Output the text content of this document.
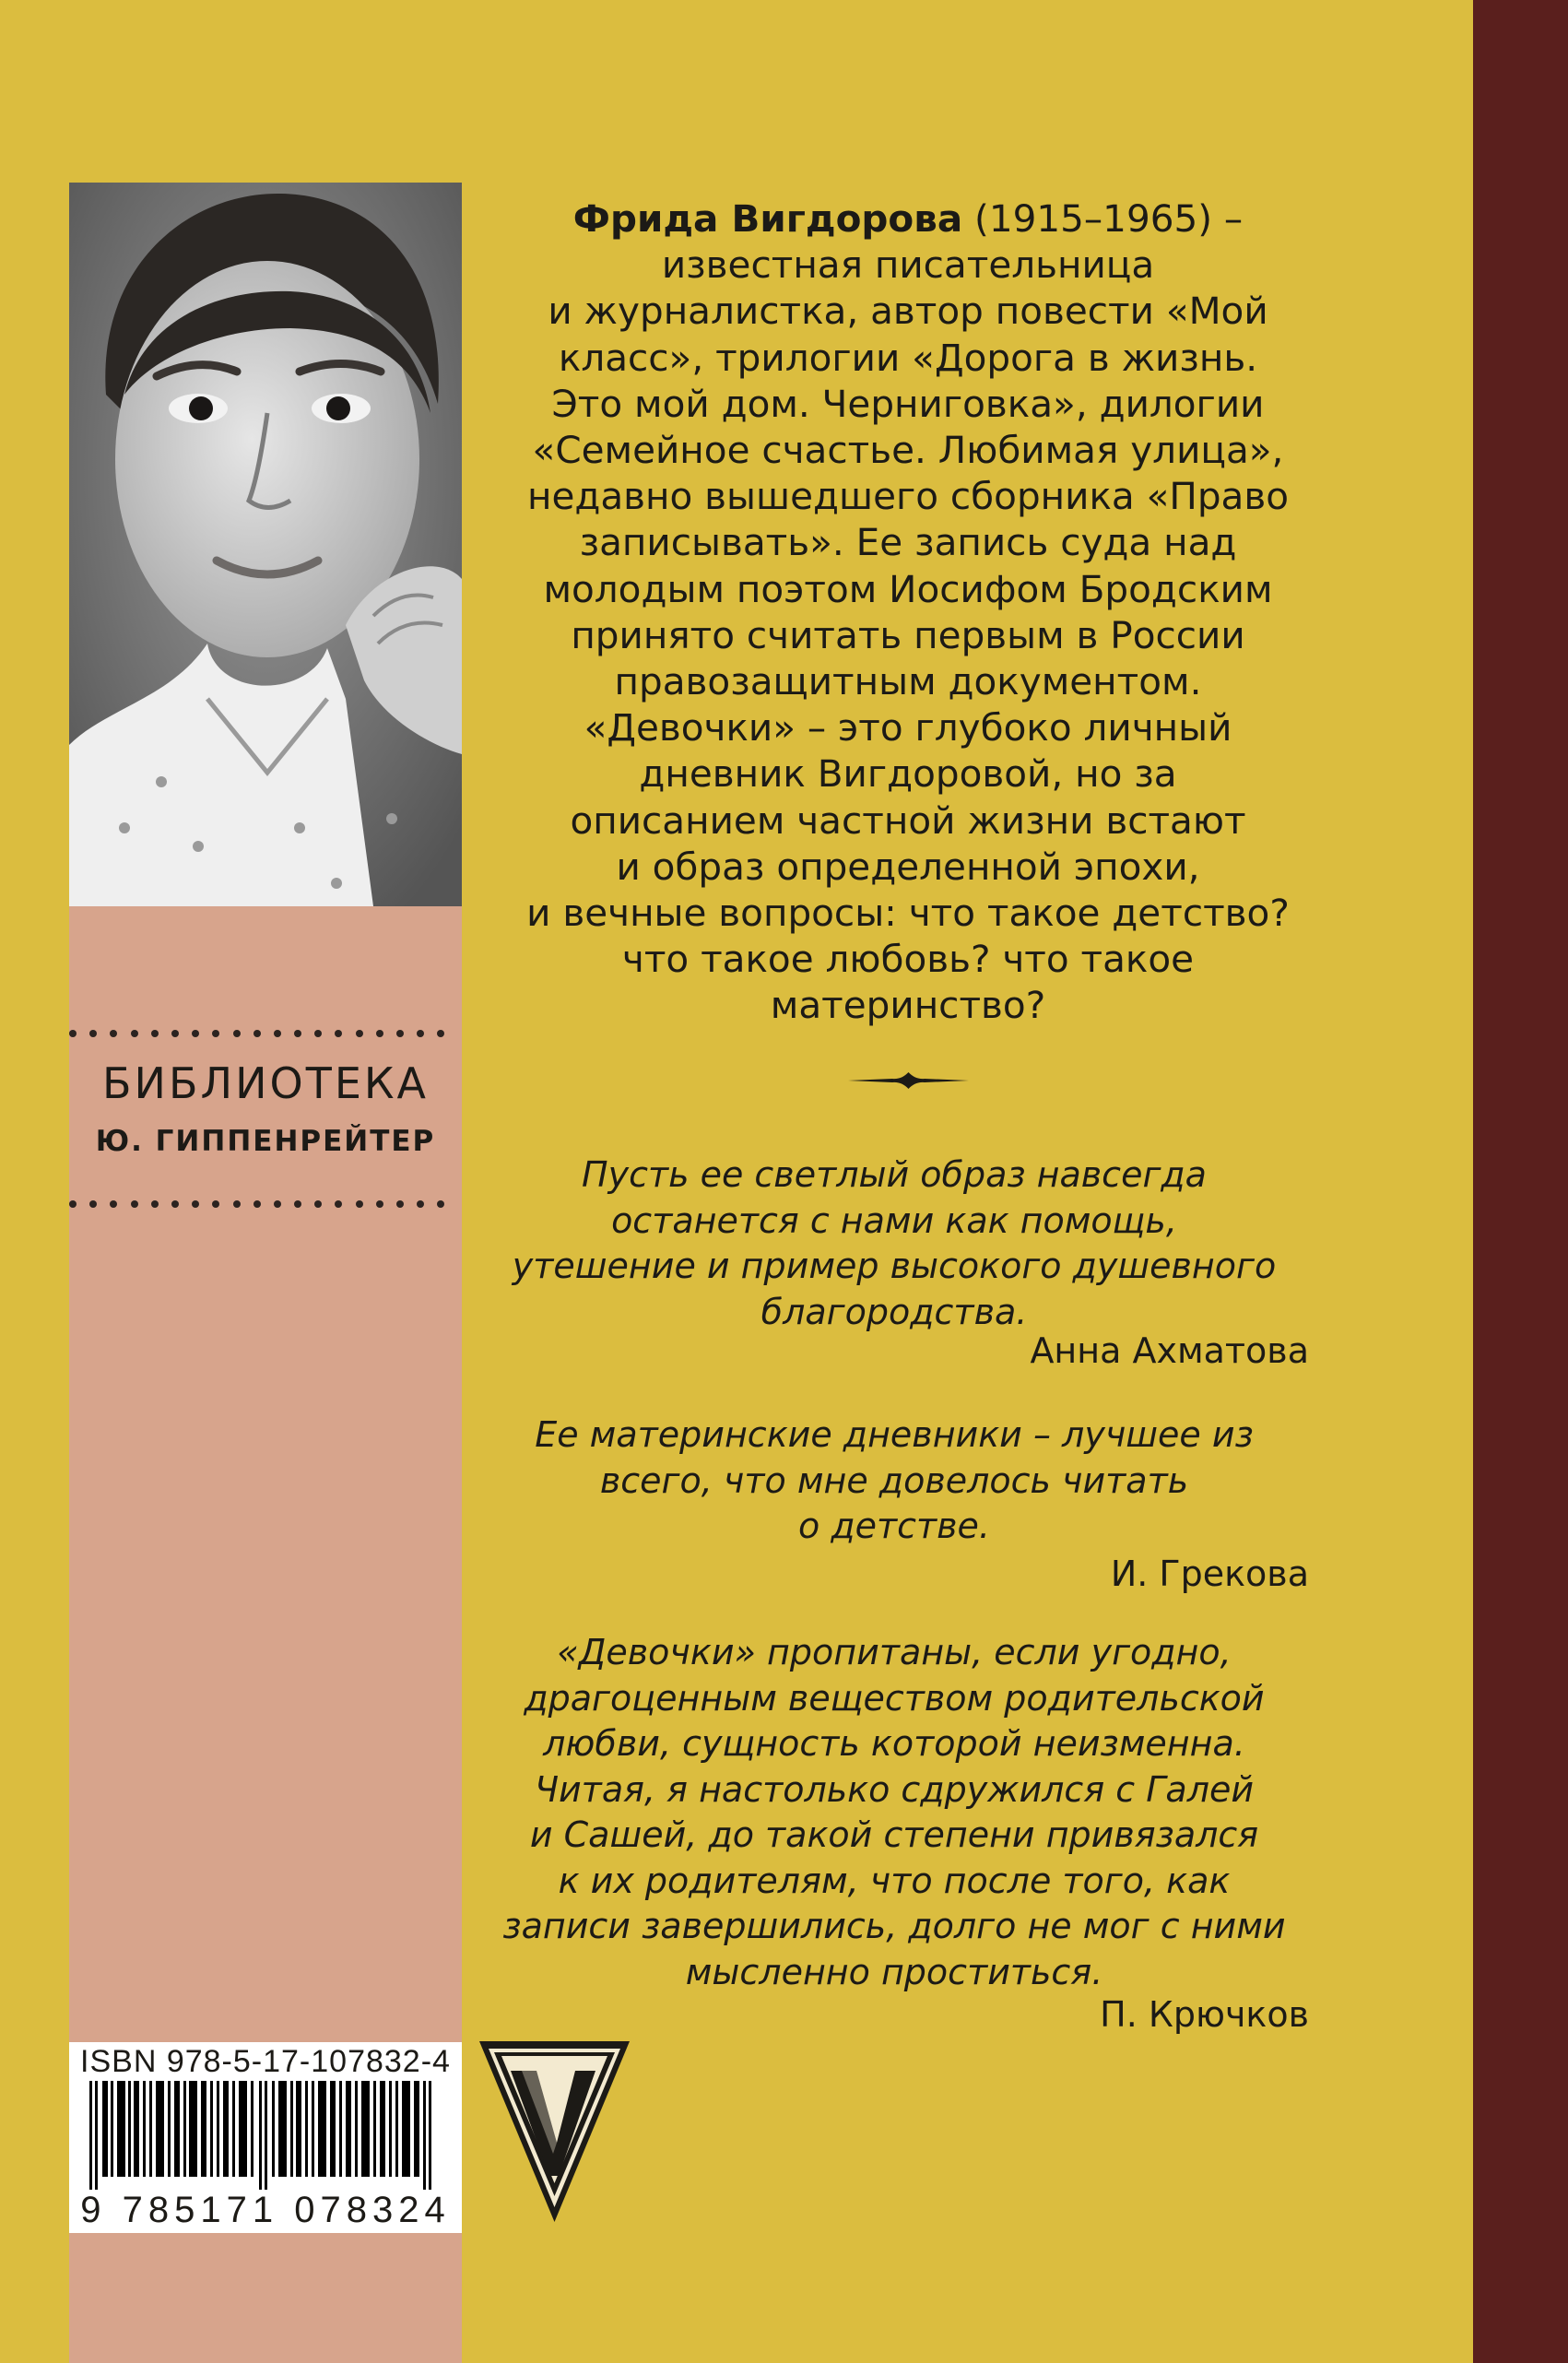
БИБЛИОТЕКА
Ю. ГИППЕНРЕЙТЕР
Фрида Вигдорова (1915–1965) –
известная писательница
и журналистка, автор повести «Мой
класс», трилогии «Дорога в жизнь.
Это мой дом. Черниговка», дилогии
«Семейное счастье. Любимая улица»,
недавно вышедшего сборника «Право
записывать». Ее запись суда над
молодым поэтом Иосифом Бродским
принято считать первым в России
правозащитным документом.
«Девочки» – это глубоко личный
дневник Вигдоровой, но за
описанием частной жизни встают
и образ определенной эпохи,
и вечные вопросы: что такое детство?
что такое любовь? что такое
материнство?
Пусть ее светлый образ навсегда
останется с нами как помощь,
утешение и пример высокого душевного
благородства.
Анна Ахматова
Ее материнские дневники – лучшее из
всего, что мне довелось читать
о детстве.
И. Грекова
«Девочки» пропитаны, если угодно,
драгоценным веществом родительской
любви, сущность которой неизменна.
Читая, я настолько сдружился с Галей
и Сашей, до такой степени привязался
к их родителям, что после того, как
записи завершились, долго не мог с ними
мысленно проститься.
П. Крючков
ISBN 978-5-17-107832-4
9 785171 078324
